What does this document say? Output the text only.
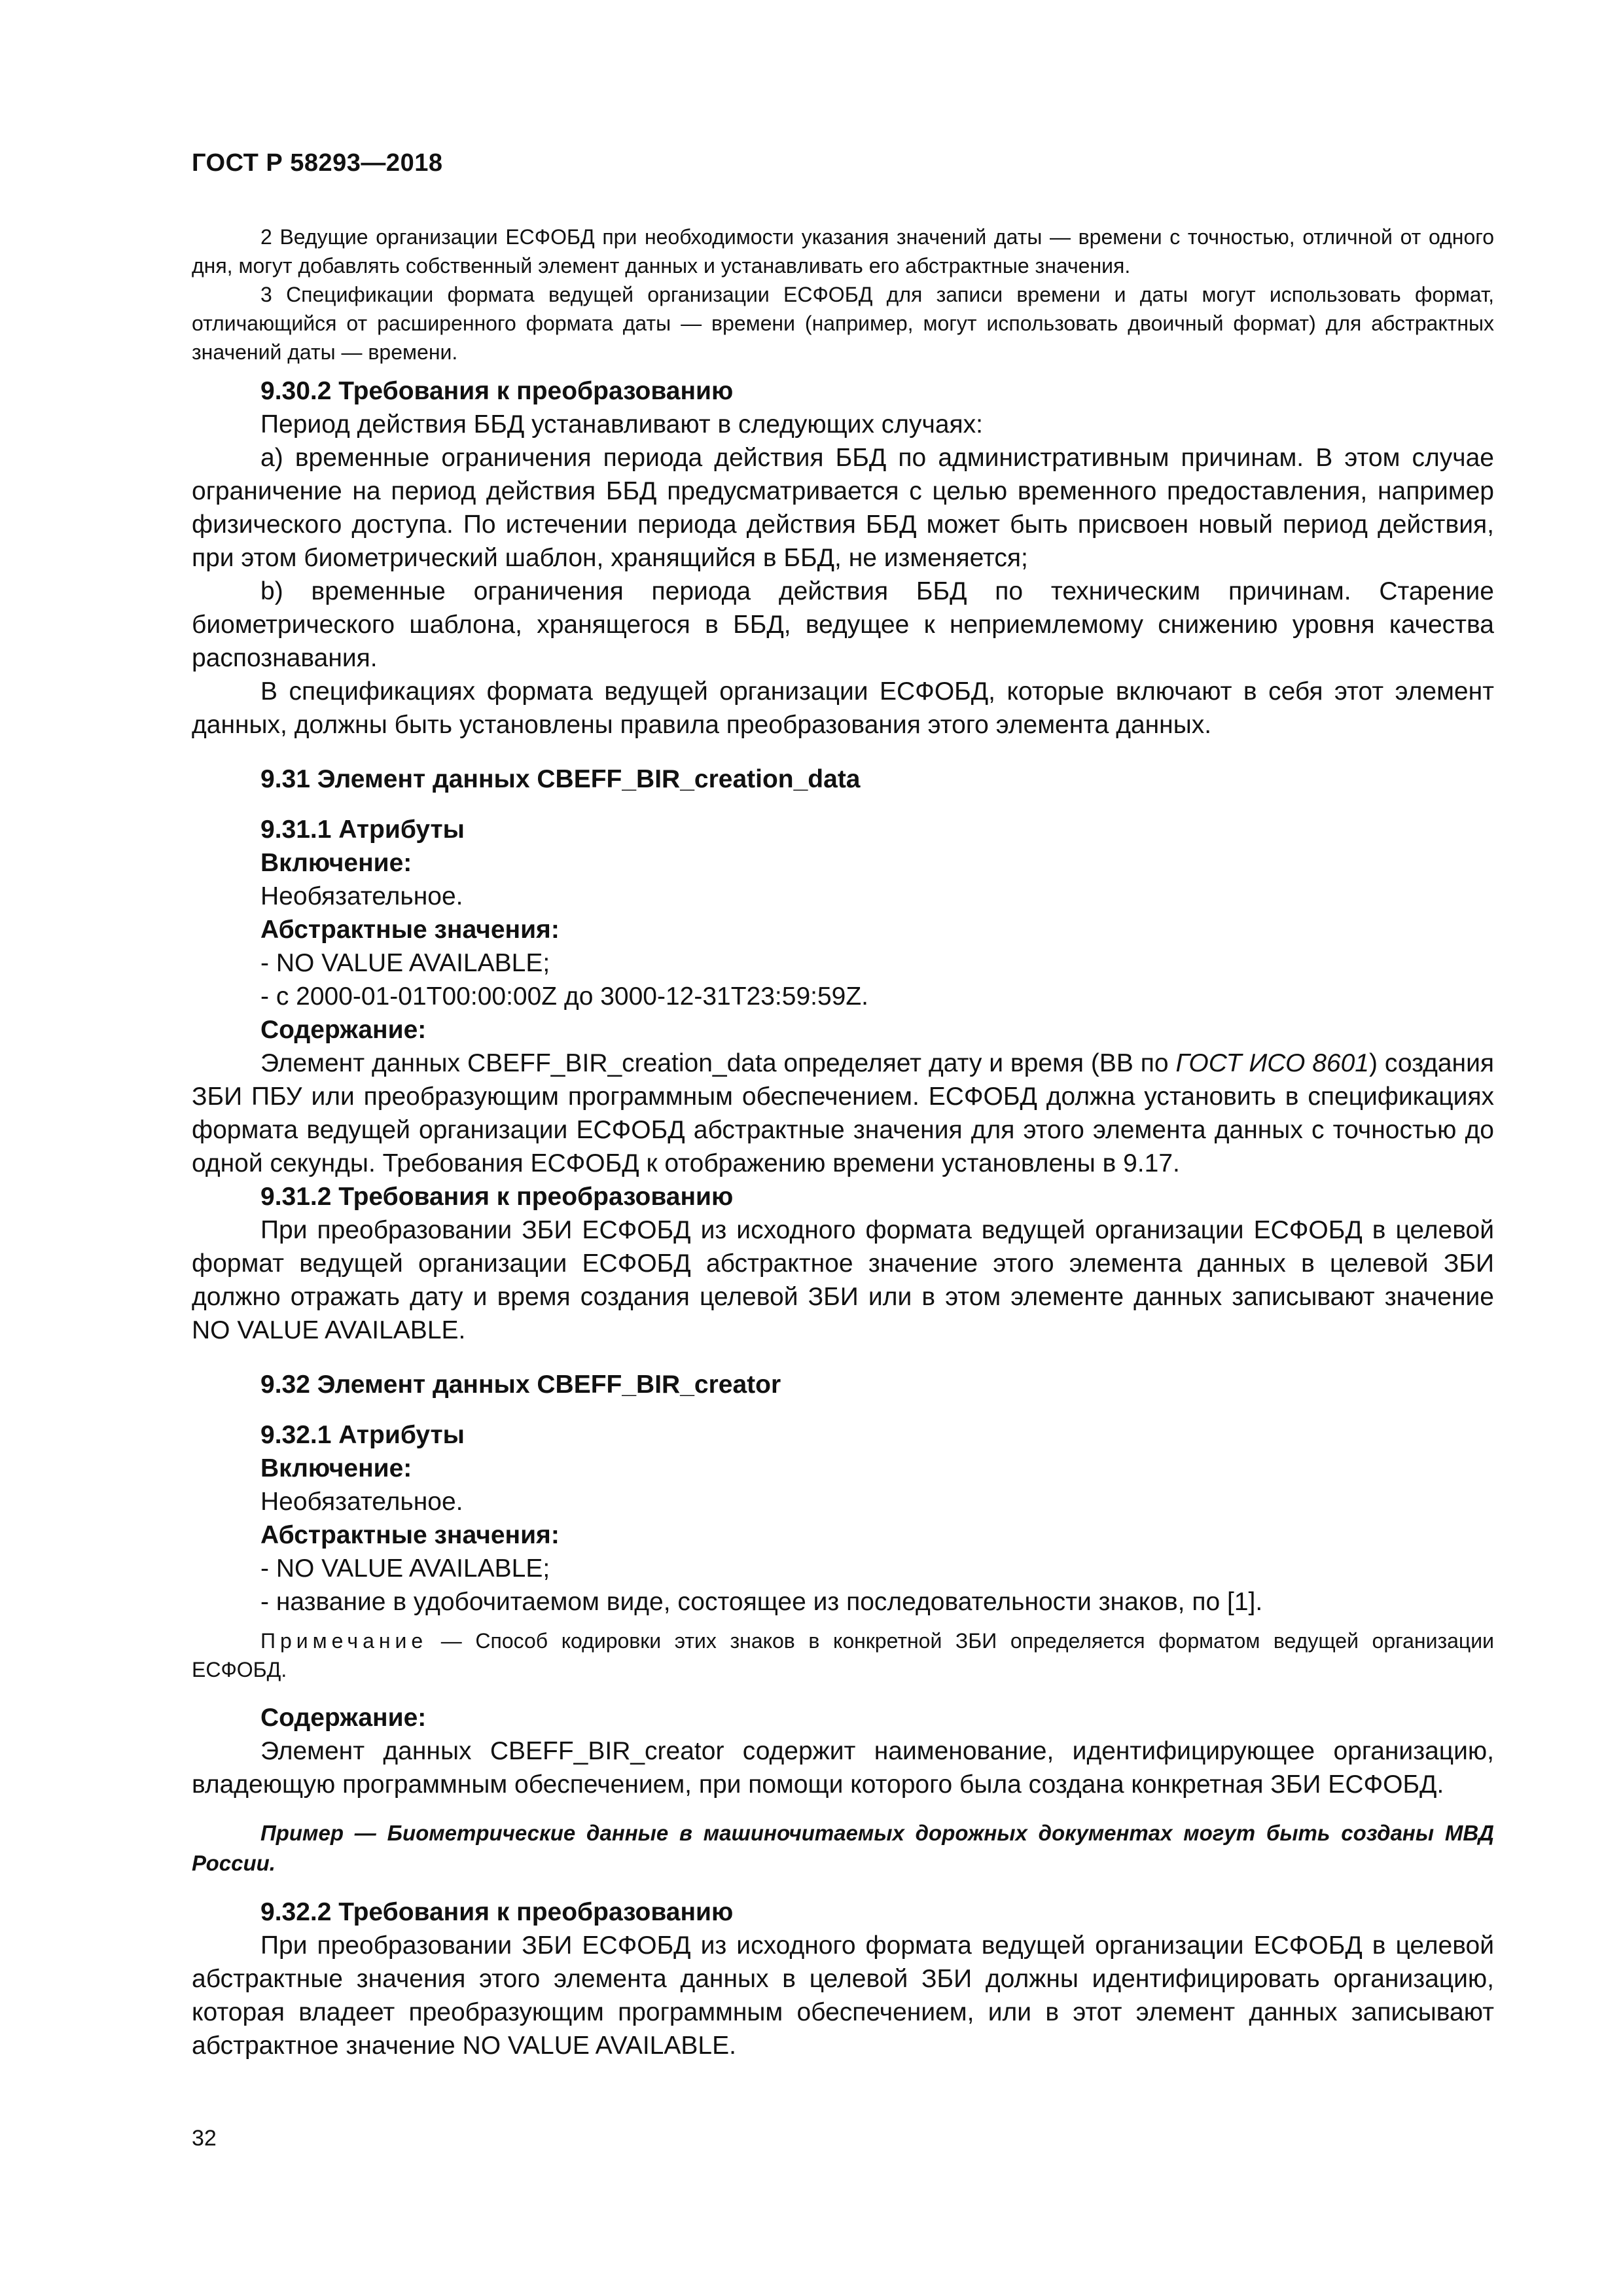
ГОСТ Р 58293—2018

2 Ведущие организации ЕСФОБД при необходимости указания значений даты — времени с точностью, отличной от одного дня, могут добавлять собственный элемент данных и устанавливать его абстрактные значения.

3 Спецификации формата ведущей организации ЕСФОБД для записи времени и даты могут использовать формат, отличающийся от расширенного формата даты — времени (например, могут использовать двоичный формат) для абстрактных значений даты — времени.

9.30.2 Требования к преобразованию

Период действия ББД устанавливают в следующих случаях:

а) временные ограничения периода действия ББД по административным причинам. В этом случае ограничение на период действия ББД предусматривается с целью временного предоставления, например физического доступа. По истечении периода действия ББД может быть присвоен новый период действия, при этом биометрический шаблон, хранящийся в ББД, не изменяется;

b) временные ограничения периода действия ББД по техническим причинам. Старение биометрического шаблона, хранящегося в ББД, ведущее к неприемлемому снижению уровня качества распознавания.

В спецификациях формата ведущей организации ЕСФОБД, которые включают в себя этот элемент данных, должны быть установлены правила преобразования этого элемента данных.

9.31 Элемент данных CBEFF_BIR_creation_data

9.31.1 Атрибуты

Включение:

Необязательное.

Абстрактные значения:

- NO VALUE AVAILABLE;

- с 2000-01-01T00:00:00Z до 3000-12-31T23:59:59Z.

Содержание:

Элемент данных CBEFF_BIR_creation_data определяет дату и время (ВВ по ГОСТ ИСО 8601) создания ЗБИ ПБУ или преобразующим программным обеспечением. ЕСФОБД должна установить в спецификациях формата ведущей организации ЕСФОБД абстрактные значения для этого элемента данных с точностью до одной секунды. Требования ЕСФОБД к отображению времени установлены в 9.17.

9.31.2 Требования к преобразованию

При преобразовании ЗБИ ЕСФОБД из исходного формата ведущей организации ЕСФОБД в целевой формат ведущей организации ЕСФОБД абстрактное значение этого элемента данных в целевой ЗБИ должно отражать дату и время создания целевой ЗБИ или в этом элементе данных записывают значение NO VALUE AVAILABLE.

9.32 Элемент данных CBEFF_BIR_creator

9.32.1 Атрибуты

Включение:

Необязательное.

Абстрактные значения:

- NO VALUE AVAILABLE;

- название в удобочитаемом виде, состоящее из последовательности знаков, по [1].

Примечание — Способ кодировки этих знаков в конкретной ЗБИ определяется форматом ведущей организации ЕСФОБД.

Содержание:

Элемент данных CBEFF_BIR_creator содержит наименование, идентифицирующее организацию, владеющую программным обеспечением, при помощи которого была создана конкретная ЗБИ ЕСФОБД.

Пример — Биометрические данные в машиночитаемых дорожных документах могут быть созданы МВД России.

9.32.2 Требования к преобразованию

При преобразовании ЗБИ ЕСФОБД из исходного формата ведущей организации ЕСФОБД в целевой абстрактные значения этого элемента данных в целевой ЗБИ должны идентифицировать организацию, которая владеет преобразующим программным обеспечением, или в этот элемент данных записывают абстрактное значение NO VALUE AVAILABLE.

32
